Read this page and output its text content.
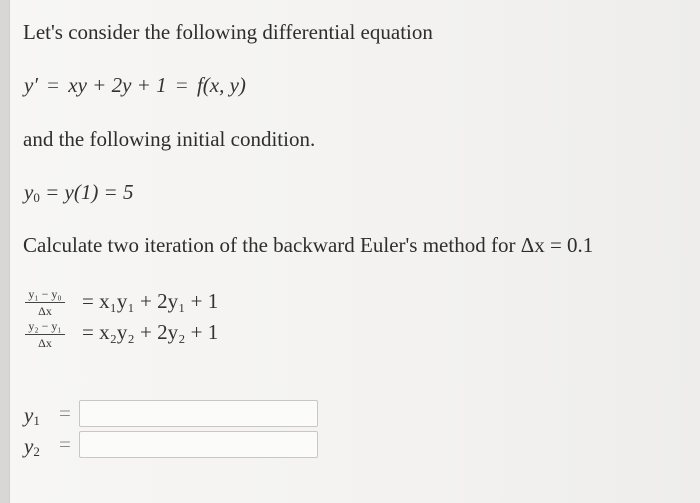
Let's consider the following differential equation
y′ = xy + 2y + 1 = f(x, y)
and the following initial condition.
$y_0 = y(1) = 5$
Calculate two iteration of the backward Euler's method for Δx = 0.1
$\frac{\text{y₁ − y₀}}{\Delta x} = x_1y_1 + 2y_1 + 1$
$\frac{\text{y₂ − y₁}}{\Delta x} = x_2y_2 + 2y_2 + 1$
$y_1$ =
$y_2$ =
